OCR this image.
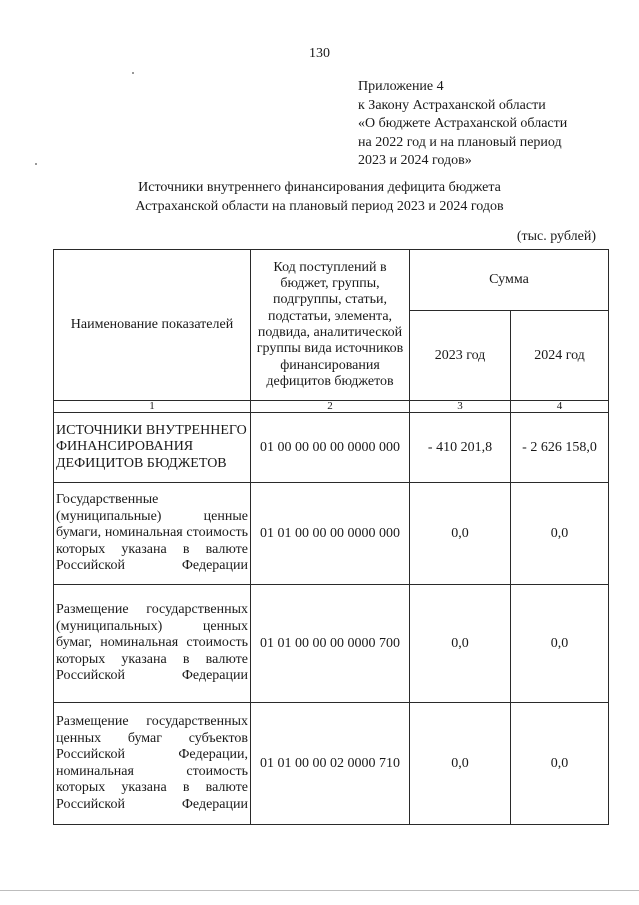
130
Приложение 4
к Закону Астраханской области
«О бюджете Астраханской области
на 2022 год и на плановый период
2023 и 2024 годов»
Источники внутреннего финансирования дефицита бюджета
Астраханской области на плановый период 2023 и 2024 годов
(тыс. рублей)
Наименование показателей	Код поступлений в бюджет, группы, подгруппы, статьи, подстатьи, элемента, подвида, аналитической группы вида источников финансирования дефицитов бюджетов	Сумма	
		2023 год	2024 год
1	2	3	4
ИСТОЧНИКИ ВНУТРЕННЕГО ФИНАНСИРОВАНИЯ ДЕФИЦИТОВ БЮДЖЕТОВ	01 00 00 00 00 0000 000	- 410 201,8	- 2 626 158,0
Государственные (муниципальные) ценные бумаги, номинальная стоимость которых указана в валюте Российской Федерации	01 01 00 00 00 0000 000	0,0	0,0
Размещение государственных (муниципальных) ценных бумаг, номинальная стоимость которых указана в валюте Российской Федерации	01 01 00 00 00 0000 700	0,0	0,0
Размещение государственных ценных бумаг субъектов Российской Федерации, номинальная стоимость которых указана в валюте Российской Федерации	01 01 00 00 02 0000 710	0,0	0,0
